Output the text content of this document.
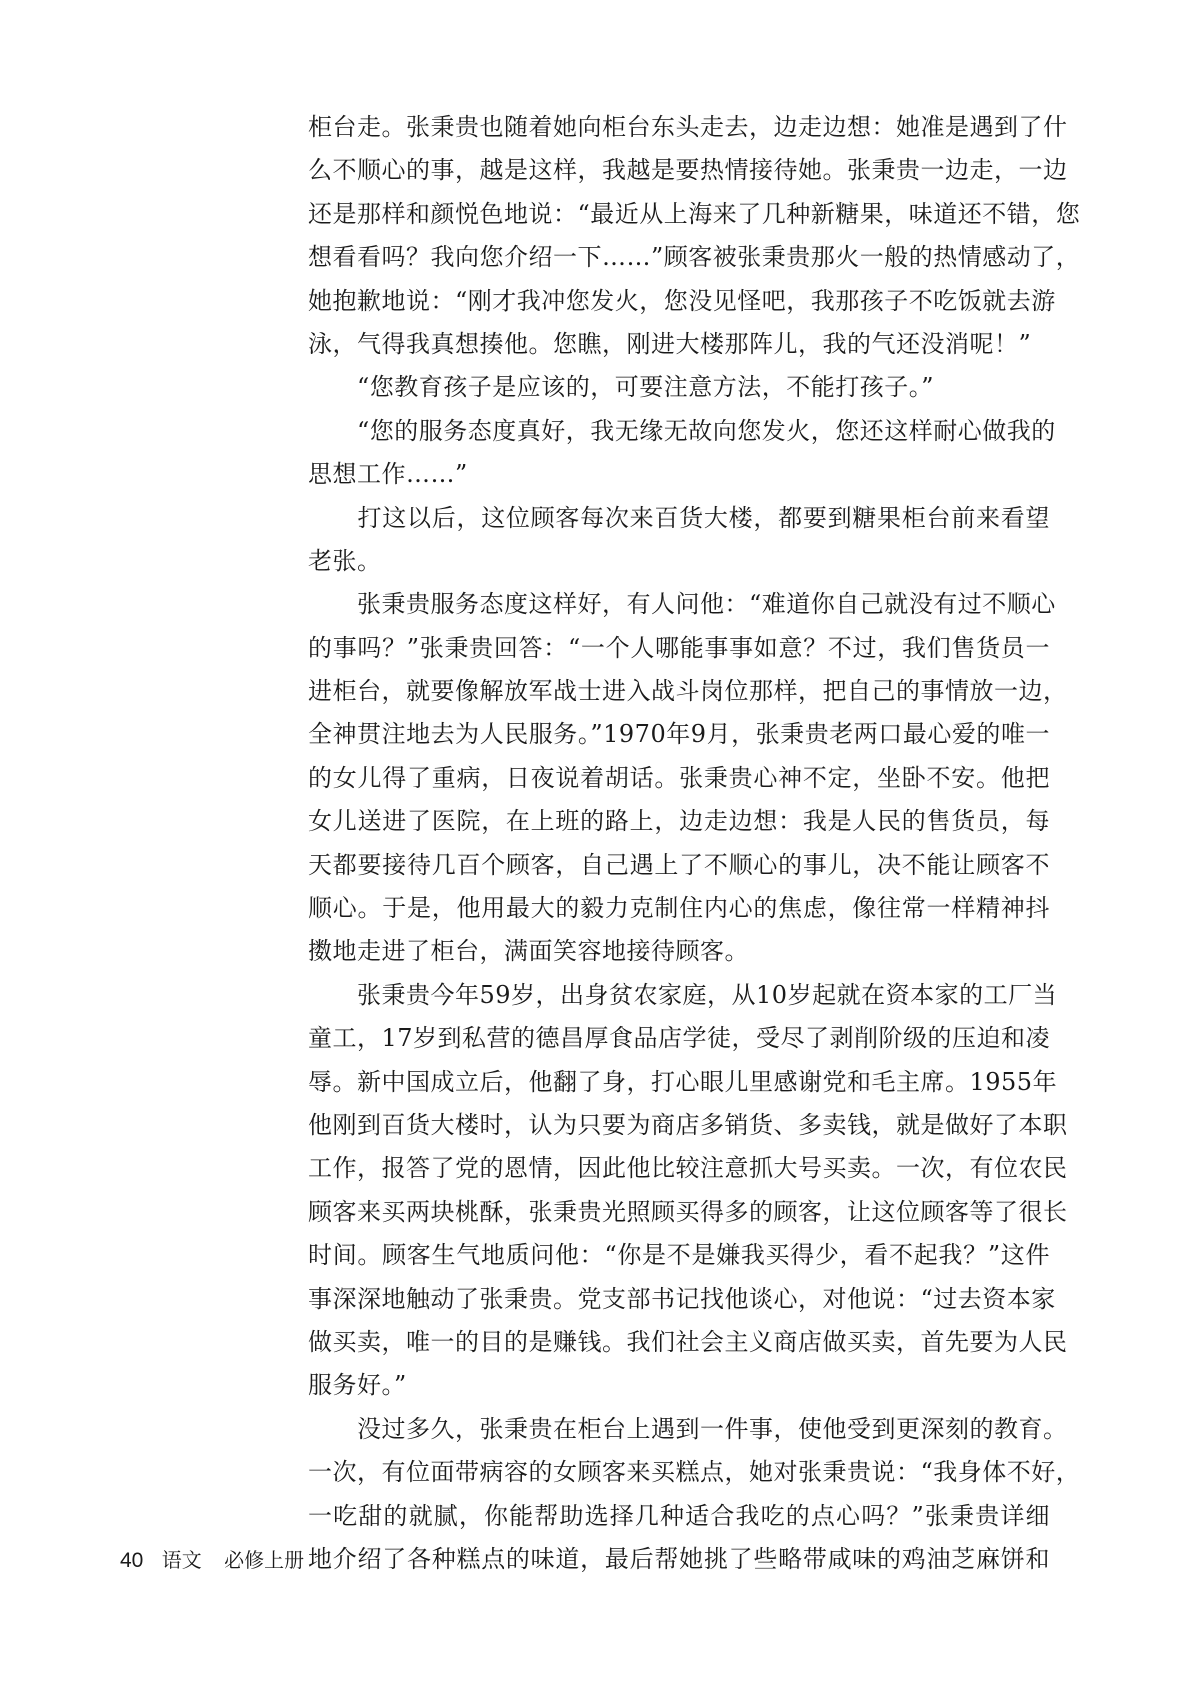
柜台走。张秉贵也随着她向柜台东头走去，边走边想：她准是遇到了什
么不顺心的事，越是这样，我越是要热情接待她。张秉贵一边走，一边
还是那样和颜悦色地说：“最近从上海来了几种新糖果，味道还不错，您
想看看吗？我向您介绍一下……”顾客被张秉贵那火一般的热情感动了，
她抱歉地说：“刚才我冲您发火，您没见怪吧，我那孩子不吃饭就去游
泳，气得我真想揍他。您瞧，刚进大楼那阵儿，我的气还没消呢！”
　　“您教育孩子是应该的，可要注意方法，不能打孩子。”
　　“您的服务态度真好，我无缘无故向您发火，您还这样耐心做我的
思想工作……”
　　打这以后，这位顾客每次来百货大楼，都要到糖果柜台前来看望
老张。
　　张秉贵服务态度这样好，有人问他：“难道你自己就没有过不顺心
的事吗？”张秉贵回答：“一个人哪能事事如意？不过，我们售货员一
进柜台，就要像解放军战士进入战斗岗位那样，把自己的事情放一边，
全神贯注地去为人民服务。”1970年9月，张秉贵老两口最心爱的唯一
的女儿得了重病，日夜说着胡话。张秉贵心神不定，坐卧不安。他把
女儿送进了医院，在上班的路上，边走边想：我是人民的售货员，每
天都要接待几百个顾客，自己遇上了不顺心的事儿，决不能让顾客不
顺心。于是，他用最大的毅力克制住内心的焦虑，像往常一样精神抖
擞地走进了柜台，满面笑容地接待顾客。
　　张秉贵今年59岁，出身贫农家庭，从10岁起就在资本家的工厂当
童工，17岁到私营的德昌厚食品店学徒，受尽了剥削阶级的压迫和凌
辱。新中国成立后，他翻了身，打心眼儿里感谢党和毛主席。1955年
他刚到百货大楼时，认为只要为商店多销货、多卖钱，就是做好了本职
工作，报答了党的恩情，因此他比较注意抓大号买卖。一次，有位农民
顾客来买两块桃酥，张秉贵光照顾买得多的顾客，让这位顾客等了很长
时间。顾客生气地质问他：“你是不是嫌我买得少，看不起我？”这件
事深深地触动了张秉贵。党支部书记找他谈心，对他说：“过去资本家
做买卖，唯一的目的是赚钱。我们社会主义商店做买卖，首先要为人民
服务好。”
　　没过多久，张秉贵在柜台上遇到一件事，使他受到更深刻的教育。
一次，有位面带病容的女顾客来买糕点，她对张秉贵说：“我身体不好，
一吃甜的就腻，你能帮助选择几种适合我吃的点心吗？”张秉贵详细
地介绍了各种糕点的味道，最后帮她挑了些略带咸味的鸡油芝麻饼和
40 语文 必修上册
